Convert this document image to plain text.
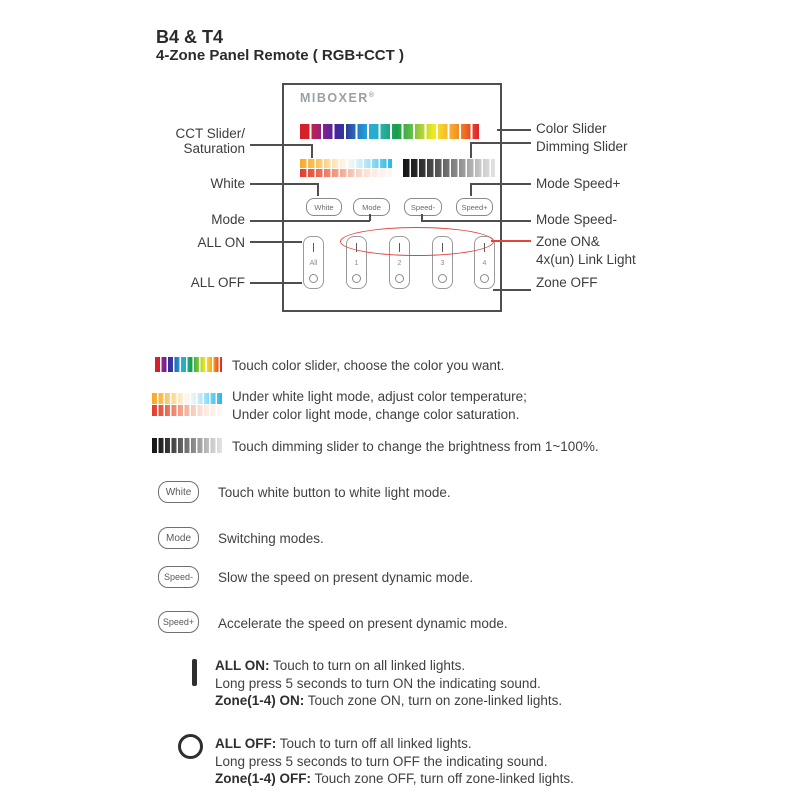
B4 & T4
4-Zone Panel Remote ( RGB+CCT )
MIBOXER®
White	Mode	Speed-	Speed+
All	1	2	3	4
CCT Slider/
Saturation
White
Mode
ALL ON
ALL OFF
Color Slider
Dimming Slider
Mode Speed+
Mode Speed-
Zone ON&
4x(un) Link Light
Zone OFF
Touch color slider, choose the color you want.
Under white light mode, adjust color temperature;
Under color light mode, change color saturation.
Touch dimming slider to change the brightness from 1~100%.
White	Touch white button to white light mode.
Mode	Switching modes.
Speed-	Slow the speed on present dynamic mode.
Speed+	Accelerate the speed on present dynamic mode.
ALL ON: Touch to turn on all linked lights.
Long press 5 seconds to turn ON the indicating sound.
Zone(1-4) ON: Touch zone ON, turn on zone-linked lights.
ALL OFF: Touch to turn off all linked lights.
Long press 5 seconds to turn OFF the indicating sound.
Zone(1-4) OFF: Touch zone OFF, turn off zone-linked lights.
